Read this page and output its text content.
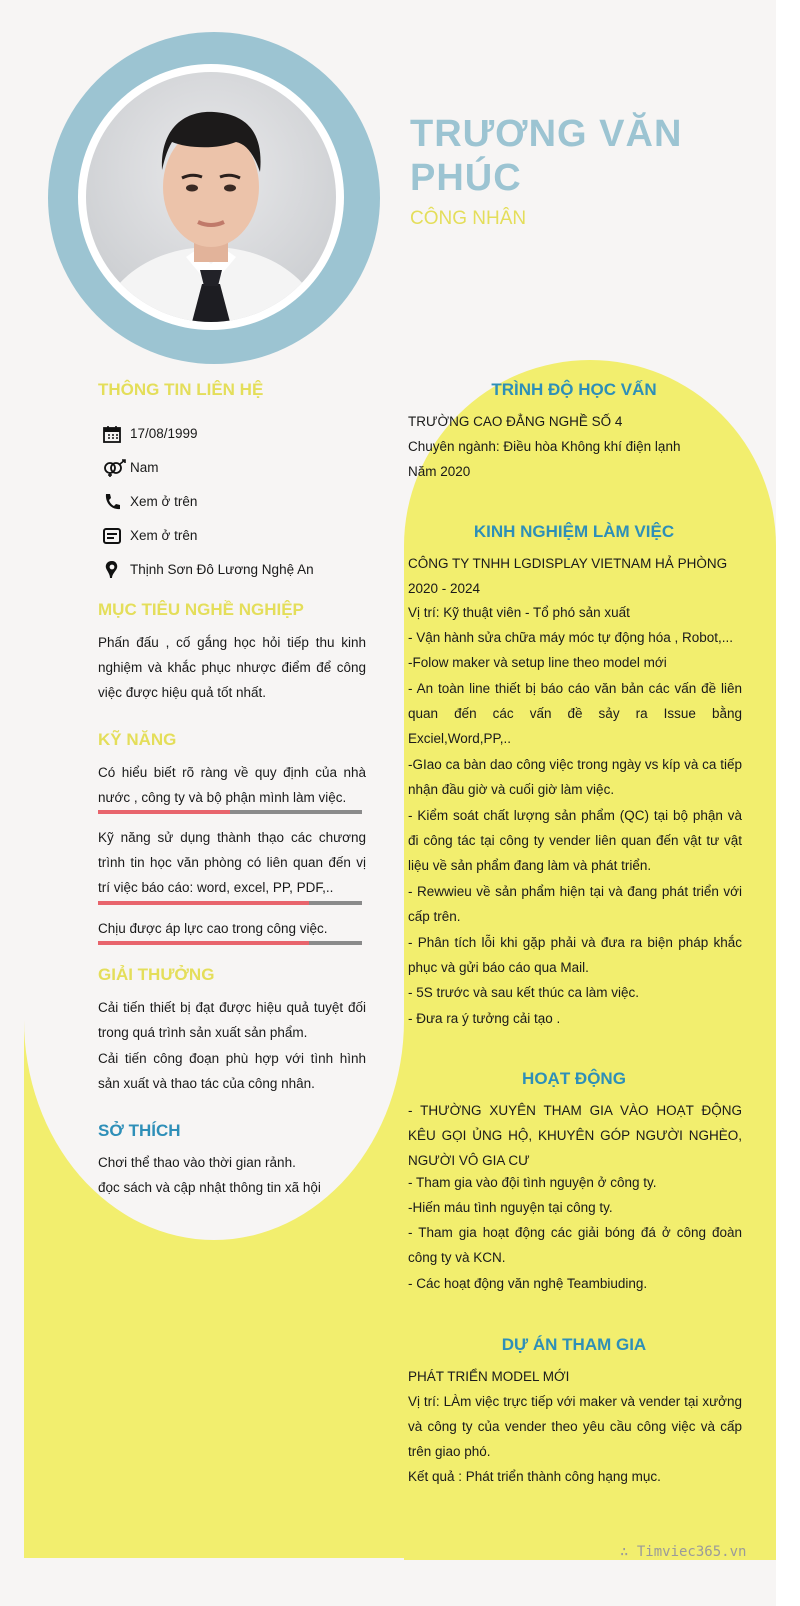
TRƯƠNG VĂN PHÚC
CÔNG NHÂN
THÔNG TIN LIÊN HỆ
17/08/1999
Nam
Xem ở trên
Xem ở trên
Thịnh Sơn Đô Lương Nghệ An
MỤC TIÊU NGHỀ NGHIỆP
Phấn đấu , cố gắng học hỏi tiếp thu kinh nghiệm và khắc phục nhược điểm để công việc được hiệu quả tốt nhất.
KỸ NĂNG
Có hiểu biết rõ ràng về quy định của nhà nước , công ty và bộ phận mình làm việc.
Kỹ năng sử dụng thành thạo các chương trình tin học văn phòng có liên quan đến vị trí việc báo cáo: word, excel, PP, PDF,..
Chịu được áp lực cao trong công việc.
GIẢI THƯỞNG
Cải tiến thiết bị đạt được hiệu quả tuyệt đối trong quá trình sản xuất sản phẩm.
Cải tiến công đoạn phù hợp với tình hình sản xuất và thao tác của công nhân.
SỞ THÍCH
Chơi thể thao vào thời gian rảnh.
đọc sách và cập nhật thông tin xã hội
TRÌNH ĐỘ HỌC VẤN
TRƯỜNG CAO ĐẲNG NGHỀ SỐ 4
Chuyên ngành: Điều hòa Không khí điện lạnh
Năm 2020
KINH NGHIỆM LÀM VIỆC
CÔNG TY TNHH LGDISPLAY VIETNAM HẢ PHÒNG
2020 - 2024
Vị trí: Kỹ thuật viên - Tổ phó sản xuất
- Vận hành sửa chữa máy móc tự động hóa , Robot,...
-Folow maker và setup line theo model mới
- An toàn line thiết bị báo cáo văn bản các vấn đề liên quan đến các vấn đề sảy ra Issue bằng Exciel,Word,PP,..
-GIao ca bàn dao công việc trong ngày vs kíp và ca tiếp nhận đầu giờ và cuối giờ làm việc.
- Kiểm soát chất lượng sản phẩm (QC) tại bộ phận và đi công tác tại công ty vender liên quan đến vật tư vật liệu về sản phẩm đang làm và phát triển.
- Rewwieu về sản phẩm hiện tại và đang phát triển với cấp trên.
- Phân tích lỗi khi gặp phải và đưa ra biện pháp khắc phục và gửi báo cáo qua Mail.
- 5S trước và sau kết thúc ca làm việc.
- Đưa ra ý tưởng cải tạo .
HOẠT ĐỘNG
- THƯỜNG XUYÊN THAM GIA VÀO HOẠT ĐỘNG KÊU GỌI ỦNG HỘ, KHUYÊN GÓP NGƯỜI NGHÈO, NGƯỜI VÔ GIA CƯ
- Tham gia vào đội tình nguyện ở công ty.
-Hiến máu tình nguyện tại công ty.
- Tham gia hoạt động các giải bóng đá ở công đoàn công ty và KCN.
- Các hoạt động văn nghệ Teambiuding.
DỰ ÁN THAM GIA
PHÁT TRIỂN MODEL MỚI
Vị trí: LÀm việc trực tiếp với maker và vender tại xưởng và công ty của vender theo yêu cầu công việc và cấp trên giao phó.
Kết quả : Phát triển thành công hạng mục.
∴ Timviec365.vn
